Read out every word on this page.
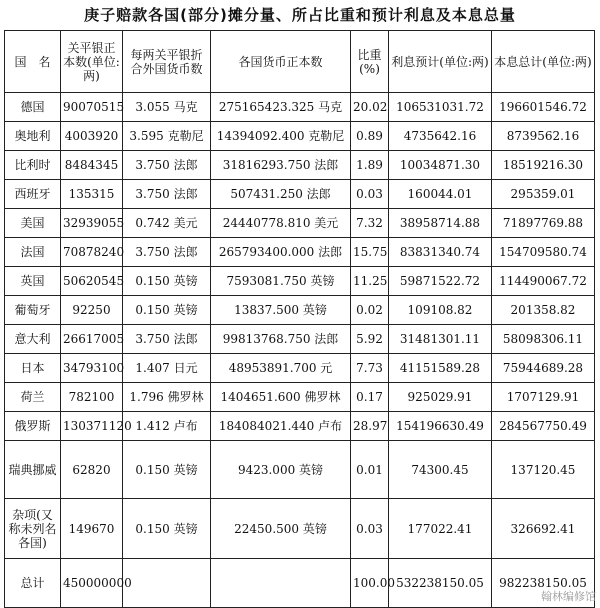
庚子赔款各国(部分)摊分量、所占比重和预计利息及本息总量
国　名	关平银正本数(单位:两)	每两关平银折合外国货币数	各国货币正本数	比重(%)	利息预计(单位:两)	本息总计(单位:两)
德国	90070515	3.055 马克	275165423.325 马克	20.02	106531031.72	196601546.72
奥地利	4003920	3.595 克勒尼	14394092.400 克勒尼	0.89	4735642.16	8739562.16
比利时	8484345	3.750 法郎	31816293.750 法郎	1.89	10034871.30	18519216.30
西班牙	135315	3.750 法郎	507431.250 法郎	0.03	160044.01	295359.01
美国	32939055	0.742 美元	24440778.810 美元	7.32	38958714.88	71897769.88
法国	70878240	3.750 法郎	265793400.000 法郎	15.75	83831340.74	154709580.74
英国	50620545	0.150 英镑	7593081.750 英镑	11.25	59871522.72	114490067.72
葡萄牙	92250	0.150 英镑	13837.500 英镑	0.02	109108.82	201358.82
意大利	26617005	3.750 法郎	99813768.750 法郎	5.92	31481301.11	58098306.11
日本	34793100	1.407 日元	48953891.700 元	7.73	41151589.28	75944689.28
荷兰	782100	1.796 佛罗林	1404651.600 佛罗林	0.17	925029.91	1707129.91
俄罗斯	130371120	1.412 卢布	184084021.440 卢布	28.97	154196630.49	284567750.49
瑞典挪威	62820	0.150 英镑	9423.000 英镑	0.01	74300.45	137120.45
杂项(又称未列名各国)	149670	0.150 英镑	22450.500 英镑	0.03	177022.41	326692.41
总计	450000000			100.00	532238150.05	982238150.05
翰林编修馆
